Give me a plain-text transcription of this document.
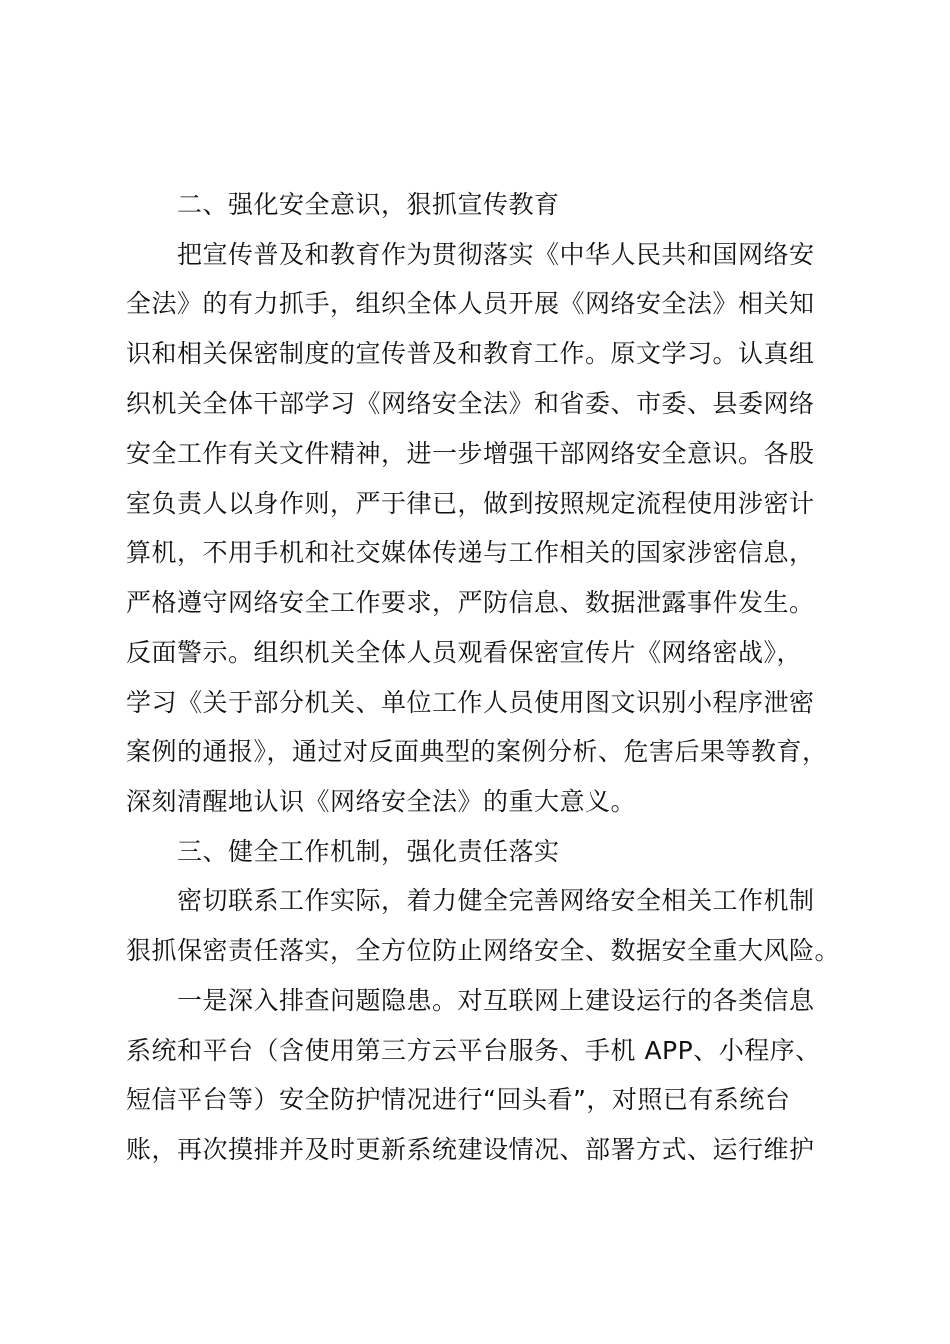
二、强化安全意识，狠抓宣传教育
把宣传普及和教育作为贯彻落实《中华人民共和国网络安
全法》的有力抓手，组织全体人员开展《网络安全法》相关知
识和相关保密制度的宣传普及和教育工作。原文学习。认真组
织机关全体干部学习《网络安全法》和省委、市委、县委网络
安全工作有关文件精神，进一步增强干部网络安全意识。各股
室负责人以身作则，严于律已，做到按照规定流程使用涉密计
算机，不用手机和社交媒体传递与工作相关的国家涉密信息，
严格遵守网络安全工作要求，严防信息、数据泄露事件发生。
反面警示。组织机关全体人员观看保密宣传片《网络密战》，
学习《关于部分机关、单位工作人员使用图文识别小程序泄密
案例的通报》，通过对反面典型的案例分析、危害后果等教育，
深刻清醒地认识《网络安全法》的重大意义。
三、健全工作机制，强化责任落实
密切联系工作实际，着力健全完善网络安全相关工作机制
狠抓保密责任落实，全方位防止网络安全、数据安全重大风险。
一是深入排查问题隐患。对互联网上建设运行的各类信息
系统和平台（含使用第三方云平台服务、手机 APP、小程序、
短信平台等）安全防护情况进行“回头看”，对照已有系统台
账，再次摸排并及时更新系统建设情况、部署方式、运行维护
